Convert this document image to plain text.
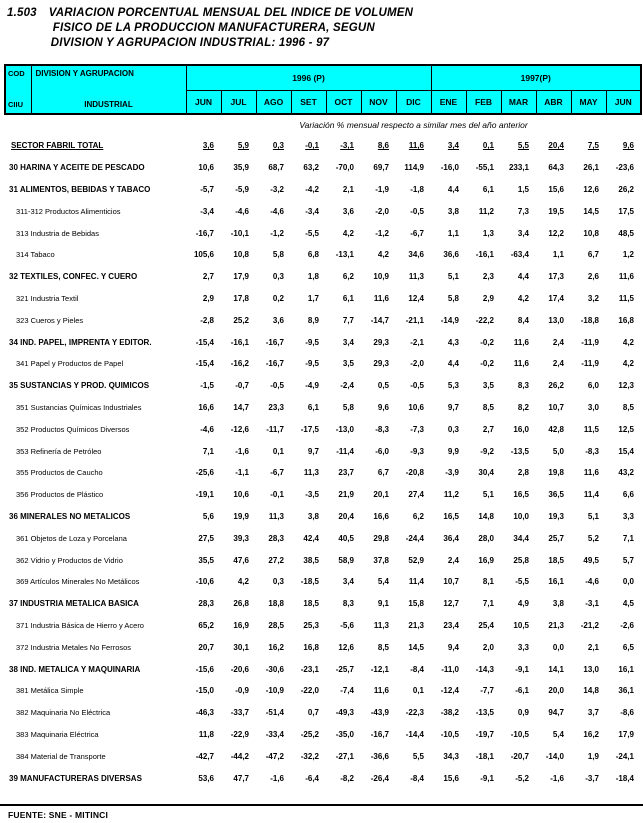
1.503 VARIACION PORCENTUAL MENSUAL DEL INDICE DE VOLUMEN
FISICO DE LA PRODUCCION MANUFACTURERA, SEGUN
DIVISION Y AGRUPACION INDUSTRIAL: 1996 - 97
COD
CIIU	DIVISION Y AGRUPACION
INDUSTRIAL	1996 (P)							1997(P)					
		JUN	JUL	AGO	SET	OCT	NOV	DIC	ENE	FEB	MAR	ABR	MAY	JUN
		Variación % mensual respecto a similar mes del año anterior												
SECTOR FABRIL TOTAL		3,6	5,9	0,3	-0,1	-3,1	8,6	11,6	3,4	0,1	5,5	20,4	7,5	9,6
30 HARINA Y ACEITE DE PESCADO		10,6	35,9	68,7	63,2	-70,0	69,7	114,9	-16,0	-55,1	233,1	64,3	26,1	-23,6
31 ALIMENTOS, BEBIDAS Y TABACO		-5,7	-5,9	-3,2	-4,2	2,1	-1,9	-1,8	4,4	6,1	1,5	15,6	12,6	26,2
311-312 Productos Alimenticios		-3,4	-4,6	-4,6	-3,4	3,6	-2,0	-0,5	3,8	11,2	7,3	19,5	14,5	17,5
313 Industria de Bebidas		-16,7	-10,1	-1,2	-5,5	4,2	-1,2	-6,7	1,1	1,3	3,4	12,2	10,8	48,5
314 Tabaco		105,6	10,8	5,8	6,8	-13,1	4,2	34,6	36,6	-16,1	-63,4	1,1	6,7	1,2
32 TEXTILES, CONFEC. Y CUERO		2,7	17,9	0,3	1,8	6,2	10,9	11,3	5,1	2,3	4,4	17,3	2,6	11,6
321 Industria Textil		2,9	17,8	0,2	1,7	6,1	11,6	12,4	5,8	2,9	4,2	17,4	3,2	11,5
323 Cueros y Pieles		-2,8	25,2	3,6	8,9	7,7	-14,7	-21,1	-14,9	-22,2	8,4	13,0	-18,8	16,8
34 IND. PAPEL, IMPRENTA Y EDITOR.		-15,4	-16,1	-16,7	-9,5	3,4	29,3	-2,1	4,3	-0,2	11,6	2,4	-11,9	4,2
341 Papel y Productos de Papel		-15,4	-16,2	-16,7	-9,5	3,5	29,3	-2,0	4,4	-0,2	11,6	2,4	-11,9	4,2
35 SUSTANCIAS Y PROD. QUIMICOS		-1,5	-0,7	-0,5	-4,9	-2,4	0,5	-0,5	5,3	3,5	8,3	26,2	6,0	12,3
351 Sustancias Químicas Industriales		16,6	14,7	23,3	6,1	5,8	9,6	10,6	9,7	8,5	8,2	10,7	3,0	8,5
352 Productos Químicos Diversos		-4,6	-12,6	-11,7	-17,5	-13,0	-8,3	-7,3	0,3	2,7	16,0	42,8	11,5	12,5
353 Refinería de Petróleo		7,1	-1,6	0,1	9,7	-11,4	-6,0	-9,3	9,9	-9,2	-13,5	5,0	-8,3	15,4
355 Productos de Caucho		-25,6	-1,1	-6,7	11,3	23,7	6,7	-20,8	-3,9	30,4	2,8	19,8	11,6	43,2
356 Productos de Plástico		-19,1	10,6	-0,1	-3,5	21,9	20,1	27,4	11,2	5,1	16,5	36,5	11,4	6,6
36 MINERALES NO METALICOS		5,6	19,9	11,3	3,8	20,4	16,6	6,2	16,5	14,8	10,0	19,3	5,1	3,3
361 Objetos de Loza y Porcelana		27,5	39,3	28,3	42,4	40,5	29,8	-24,4	36,4	28,0	34,4	25,7	5,2	7,1
362 Vidrio y Productos de Vidrio		35,5	47,6	27,2	38,5	58,9	37,8	52,9	2,4	16,9	25,8	18,5	49,5	5,7
369 Artículos Minerales No Metálicos		-10,6	4,2	0,3	-18,5	3,4	5,4	11,4	10,7	8,1	-5,5	16,1	-4,6	0,0
37 INDUSTRIA METALICA BASICA		28,3	26,8	18,8	18,5	8,3	9,1	15,8	12,7	7,1	4,9	3,8	-3,1	4,5
371 Industria Básica de Hierro y Acero		65,2	16,9	28,5	25,3	-5,6	11,3	21,3	23,4	25,4	10,5	21,3	-21,2	-2,6
372 Industria Metales No Ferrosos		20,7	30,1	16,2	16,8	12,6	8,5	14,5	9,4	2,0	3,3	0,0	2,1	6,5
38 IND. METALICA Y MAQUINARIA		-15,6	-20,6	-30,6	-23,1	-25,7	-12,1	-8,4	-11,0	-14,3	-9,1	14,1	13,0	16,1
381 Metálica Simple		-15,0	-0,9	-10,9	-22,0	-7,4	11,6	0,1	-12,4	-7,7	-6,1	20,0	14,8	36,1
382 Maquinaria No Eléctrica		-46,3	-33,7	-51,4	0,7	-49,3	-43,9	-22,3	-38,2	-13,5	0,9	94,7	3,7	-8,6
383 Maquinaria Eléctrica		11,8	-22,9	-33,4	-25,2	-35,0	-16,7	-14,4	-10,5	-19,7	-10,5	5,4	16,2	17,9
384 Material de Transporte		-42,7	-44,2	-47,2	-32,2	-27,1	-36,6	5,5	34,3	-18,1	-20,7	-14,0	1,9	-24,1
39 MANUFACTURERAS DIVERSAS		53,6	47,7	-1,6	-6,4	-8,2	-26,4	-8,4	15,6	-9,1	-5,2	-1,6	-3,7	-18,4
FUENTE: SNE - MITINCI
